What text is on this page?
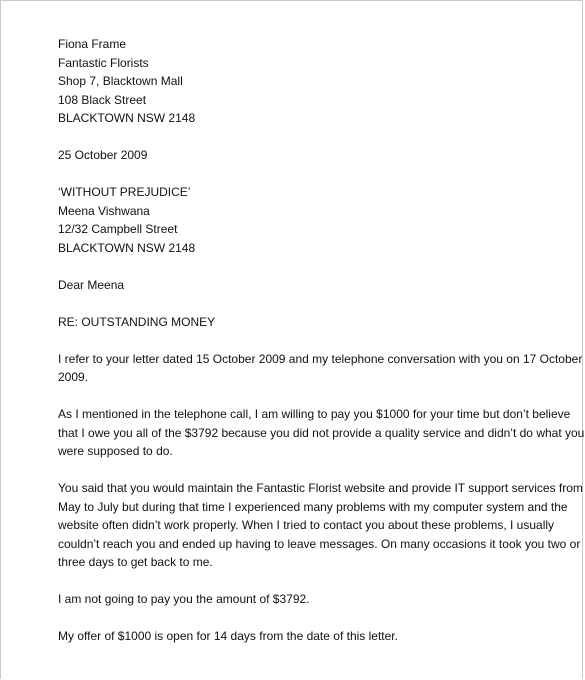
Fiona Frame
Fantastic Florists
Shop 7, Blacktown Mall
108 Black Street
BLACKTOWN NSW 2148
25 October 2009
‘WITHOUT PREJUDICE’
Meena Vishwana
12/32 Campbell Street
BLACKTOWN NSW 2148
Dear Meena
RE: OUTSTANDING MONEY
I refer to your letter dated 15 October 2009 and my telephone conversation with you on 17 October
2009.
As I mentioned in the telephone call, I am willing to pay you $1000 for your time but don’t believe
that I owe you all of the $3792 because you did not provide a quality service and didn’t do what you
were supposed to do.
You said that you would maintain the Fantastic Florist website and provide IT support services from
May to July but during that time I experienced many problems with my computer system and the
website often didn’t work properly. When I tried to contact you about these problems, I usually
couldn’t reach you and ended up having to leave messages. On many occasions it took you two or
three days to get back to me.
I am not going to pay you the amount of $3792.
My offer of $1000 is open for 14 days from the date of this letter.
